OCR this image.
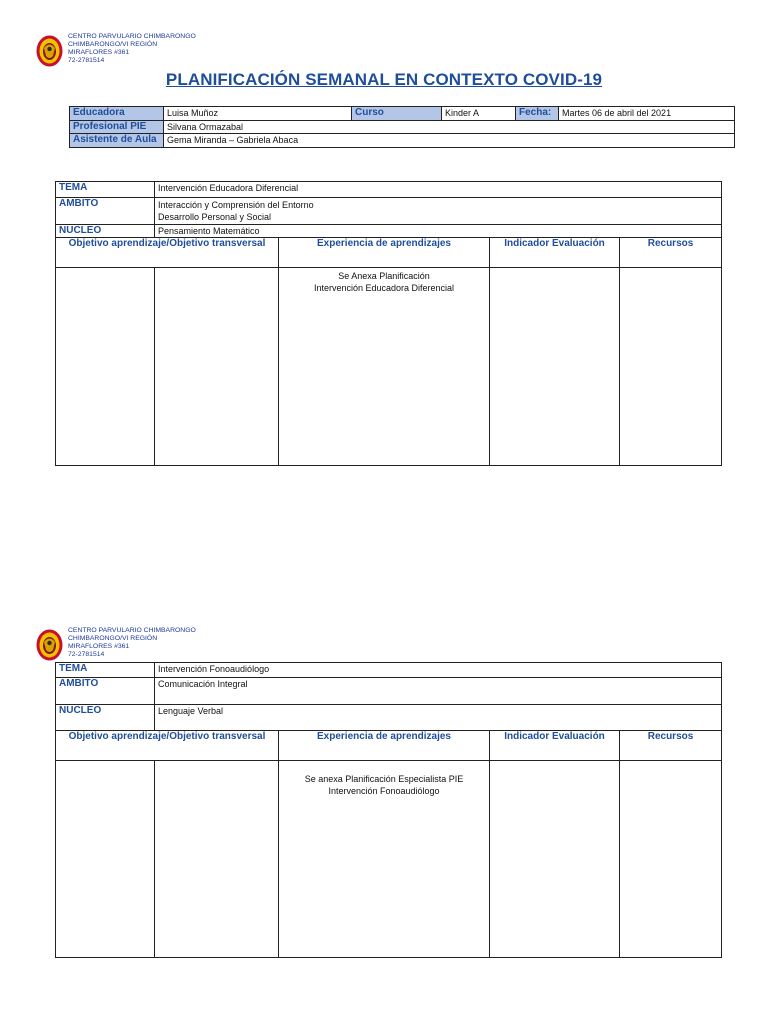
CENTRO PARVULARIO CHIMBARONGO
CHIMBARONGO/VI REGIÓN
MIRAFLORES #361
72-2781514
PLANIFICACIÓN SEMANAL EN CONTEXTO COVID-19
Educadora	Luisa Muñoz	Curso	Kinder A	Fecha:	Martes 06 de abril del 2021
Profesional PIE	Silvana Ormazabal				
Asistente de Aula	Gema Miranda – Gabriela Abaca				
TEMA	Intervención Educadora Diferencial			
AMBITO	Interacción y Comprensión del Entorno
Desarrollo Personal y Social			

NUCLEO	Pensamiento Matemático			
Objetivo aprendizaje/Objetivo transversal		Experiencia de aprendizajes	Indicador Evaluación	Recursos

		Se Anexa Planificación
Intervención Educadora Diferencial		

CENTRO PARVULARIO CHIMBARONGO
CHIMBARONGO/VI REGIÓN
MIRAFLORES #361
72-2781514
TEMA	Intervención Fonoaudiólogo			
AMBITO	Comunicación Integral			
NUCLEO	Lenguaje Verbal			
Objetivo aprendizaje/Objetivo transversal		Experiencia de aprendizajes	Indicador Evaluación	Recursos

		Se anexa Planificación Especialista PIE
Intervención Fonoaudiólogo		
